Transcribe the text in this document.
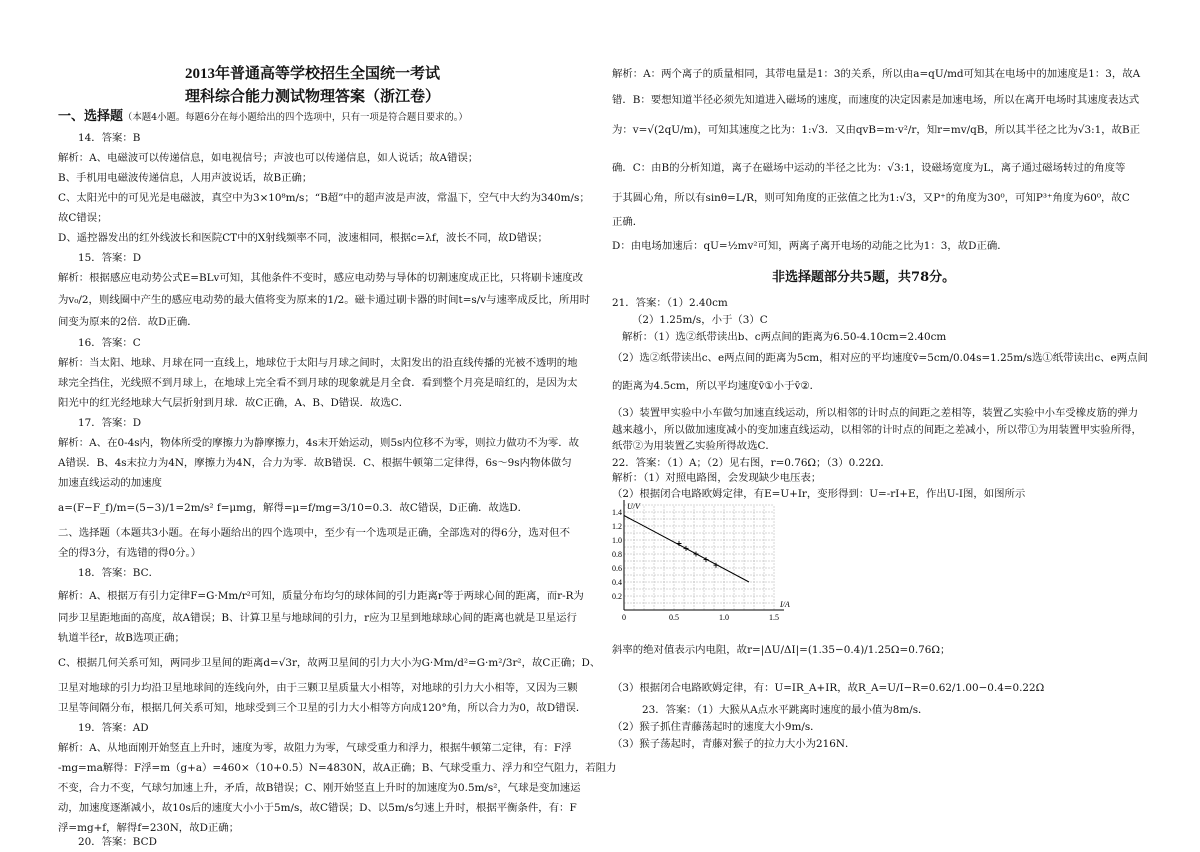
2013年普通高等学校招生全国统一考试
理科综合能力测试物理答案（浙江卷）
一、选择题（本题4小题。每题6分在每小题给出的四个选项中，只有一项是符合题目要求的。）
14．答案：B
解析：A、电磁波可以传递信息，如电视信号；声波也可以传递信息，如人说话；故A错误；
B、手机用电磁波传递信息，人用声波说话，故B正确；
C、太阳光中的可见光是电磁波，真空中为3×10⁸m/s；“B超”中的超声波是声波，常温下，空气中大约为340m/s；
故C错误；
D、遥控器发出的红外线波长和医院CT中的X射线频率不同，波速相同，根据c=λf，波长不同，故D错误；
15．答案：D
解析：根据感应电动势公式E=BLv可知，其他条件不变时，感应电动势与导体的切割速度成正比，只将刷卡速度改
为v₀/2，则线圈中产生的感应电动势的最大值将变为原来的1/2。磁卡通过刷卡器的时间t=s/v与速率成反比，所用时
间变为原来的2倍．故D正确．
16．答案：C
解析：当太阳、地球、月球在同一直线上，地球位于太阳与月球之间时，太阳发出的沿直线传播的光被不透明的地
球完全挡住，光线照不到月球上，在地球上完全看不到月球的现象就是月全食．看到整个月亮是暗红的，是因为太
阳光中的红光经地球大气层折射到月球．故C正确，A、B、D错误．故选C．
17．答案：D
解析：A、在0-4s内，物体所受的摩擦力为静摩擦力，4s末开始运动，则5s内位移不为零，则拉力做功不为零．故
A错误．B、4s末拉力为4N，摩擦力为4N，合力为零．故B错误．C、根据牛顿第二定律得，6s～9s内物体做匀
加速直线运动的加速度
a=(F−F_f)/m=(5−3)/1=2m/s² f=μmg，解得=μ=f/mg=3/10=0.3．故C错误，D正确．故选D．
二、选择题（本题共3小题。在每小题给出的四个选项中，至少有一个选项是正确，全部选对的得6分，选对但不
全的得3分，有选错的得0分。）
18．答案：BC．
解析：A、根据万有引力定律F=G·Mm/r²可知，质量分布均匀的球体间的引力距离r等于两球心间的距离，而r-R为
同步卫星距地面的高度，故A错误；B、计算卫星与地球间的引力，r应为卫星到地球球心间的距离也就是卫星运行
轨道半径r，故B选项正确；
C、根据几何关系可知，两同步卫星间的距离d=√3r，故两卫星间的引力大小为G·Mm/d²=G·m²/3r²，故C正确；D、
卫星对地球的引力均沿卫星地球间的连线向外，由于三颗卫星质量大小相等，对地球的引力大小相等，又因为三颗
卫星等间隔分布，根据几何关系可知，地球受到三个卫星的引力大小相等方向成120°角，所以合力为0，故D错误．
19．答案：AD
解析：A、从地面刚开始竖直上升时，速度为零，故阻力为零，气球受重力和浮力，根据牛顿第二定律，有：F浮
-mg=ma解得：F浮=m（g+a）=460×（10+0.5）N=4830N，故A正确；B、气球受重力、浮力和空气阻力，若阻力
不变，合力不变，气球匀加速上升，矛盾，故B错误；C、刚开始竖直上升时的加速度为0.5m/s²，气球是变加速运
动，加速度逐渐减小，故10s后的速度大小小于5m/s，故C错误；D、以5m/s匀速上升时，根据平衡条件，有：F
浮=mg+f，解得f=230N，故D正确；
20．答案：BCD
解析：A：两个离子的质量相同，其带电量是1：3的关系，所以由a=qU/md可知其在电场中的加速度是1：3，故A
错．B：要想知道半径必须先知道进入磁场的速度，而速度的决定因素是加速电场，所以在离开电场时其速度表达式
为：v=√(2qU/m)，可知其速度之比为：1:√3．又由qvB=m·v²/r，知r=mv/qB，所以其半径之比为√3:1，故B正
确．C：由B的分析知道，离子在磁场中运动的半径之比为：√3:1，设磁场宽度为L，离子通过磁场转过的角度等
于其圆心角，所以有sinθ=L/R，则可知角度的正弦值之比为1:√3，又P⁺的角度为30⁰，可知P³⁺角度为60⁰，故C
正确．
D：由电场加速后：qU=½mv²可知，两离子离开电场的动能之比为1：3，故D正确．
非选择题部分共5题，共78分。
21．答案：（1）2.40cm
（2）1.25m/s，小于（3）C
解析：（1）选②纸带读出b、c两点间的距离为6.50-4.10cm=2.40cm
（2）选②纸带读出c、e两点间的距离为5cm，相对应的平均速度v̄=5cm/0.04s=1.25m/s选①纸带读出c、e两点间
的距离为4.5cm，所以平均速度v̄①小于v̄②．
（3）装置甲实验中小车做匀加速直线运动，所以相邻的计时点的间距之差相等，装置乙实验中小车受橡皮筋的弹力
越来越小，所以做加速度减小的变加速直线运动，以相邻的计时点的间距之差减小，所以带①为用装置甲实验所得，
纸带②为用装置乙实验所得故选C．
22．答案：（1）A；（2）见右图，r=0.76Ω；（3）0.22Ω．
解析：（1）对照电路图，会发现缺少电压表；
（2）根据闭合电路欧姆定律，有E=U+Ir，变形得到：U=-rI+E，作出U-I图，如图所示
0	0.5	1.0	1.5
0.2
0.4
0.6
0.8
1.0
1.2
1.4
I/A
U/V
斜率的绝对值表示内电阻，故r=|ΔU/ΔI|=(1.35−0.4)/1.25Ω=0.76Ω；
（3）根据闭合电路欧姆定律，有：U=IR_A+IR，故R_A=U/I−R=0.62/1.00−0.4=0.22Ω
23．答案：（1）大猴从A点水平跳离时速度的最小值为8m/s．
（2）猴子抓住青藤荡起时的速度大小9m/s．
（3）猴子荡起时，青藤对猴子的拉力大小为216N．
